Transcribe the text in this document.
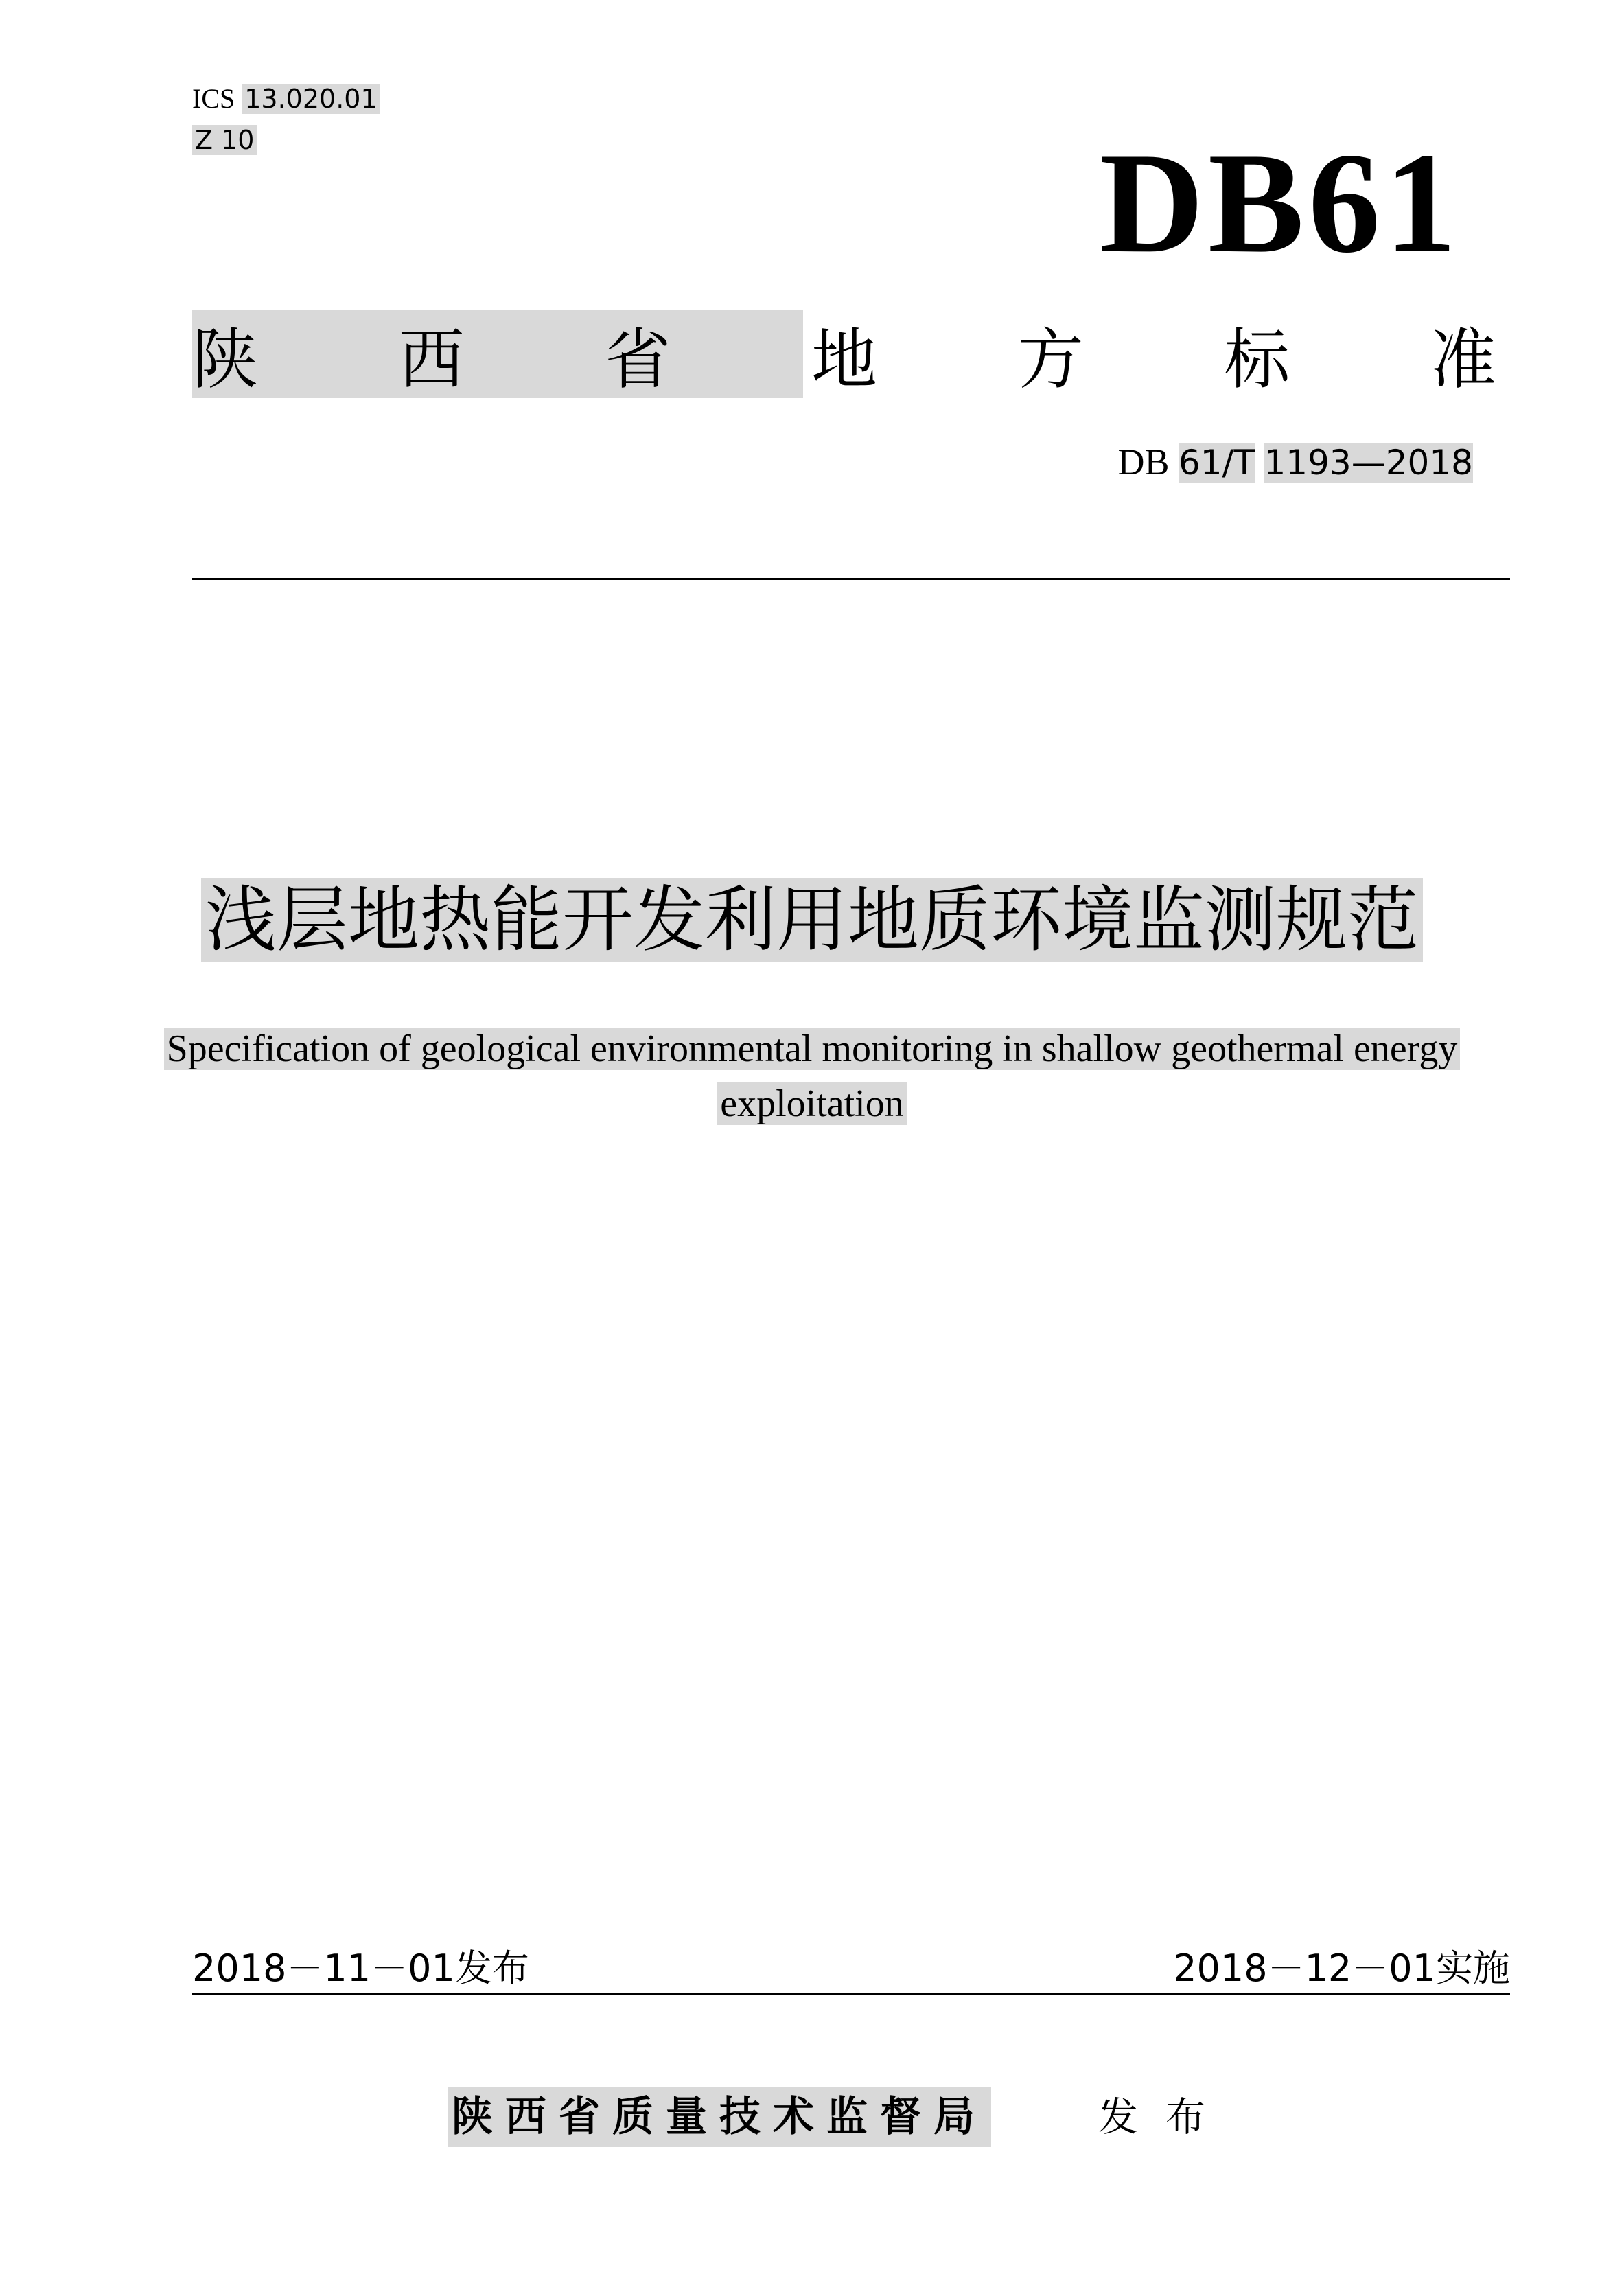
ICS 13.020.01
Z 10	DB61
陕 西 省 地 方 标 准
DB 61/T 1193—2018
浅层地热能开发利用地质环境监测规范
Specification of geological environmental monitoring in shallow geothermal energy
exploitation
2018－11－01发布	2018－12－01实施
陕西省质量技术监督局	发布
